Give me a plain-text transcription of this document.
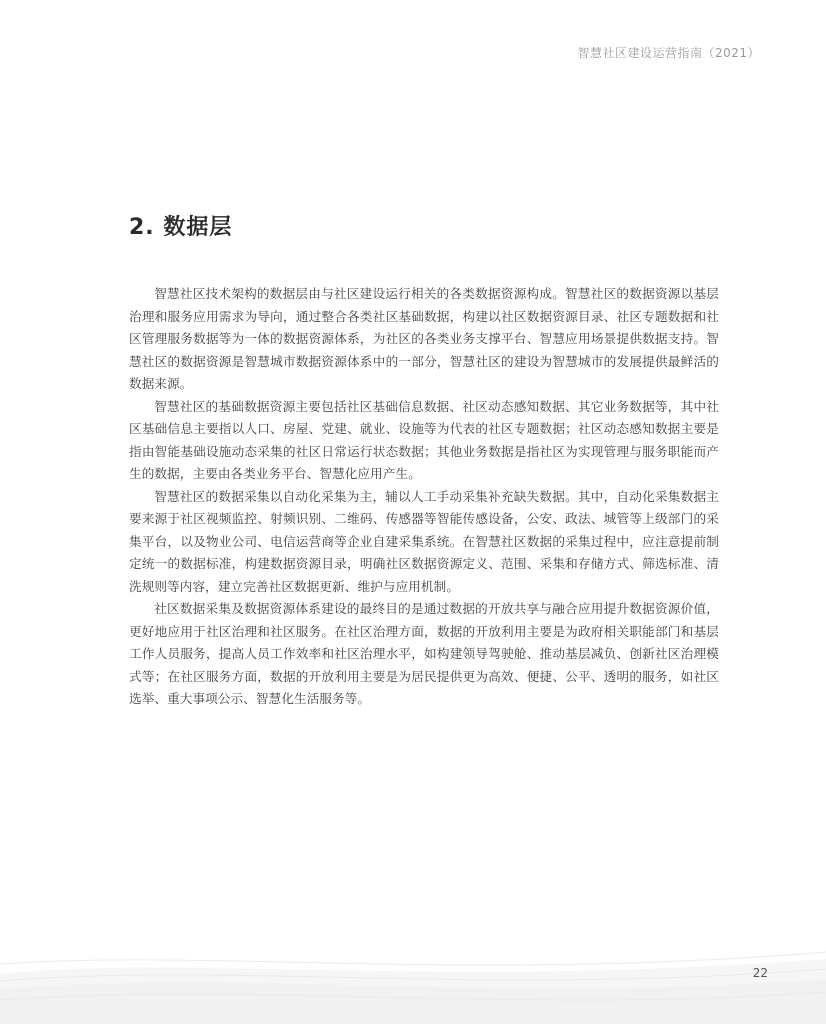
智慧社区建设运营指南（2021）
2. 数据层

智慧社区技术架构的数据层由与社区建设运行相关的各类数据资源构成。智慧社区的数据资源以基层治理和服务应用需求为导向，通过整合各类社区基础数据，构建以社区数据资源目录、社区专题数据和社区管理服务数据等为一体的数据资源体系，为社区的各类业务支撑平台、智慧应用场景提供数据支持。智慧社区的数据资源是智慧城市数据资源体系中的一部分，智慧社区的建设为智慧城市的发展提供最鲜活的数据来源。

智慧社区的基础数据资源主要包括社区基础信息数据、社区动态感知数据、其它业务数据等，其中社区基础信息主要指以人口、房屋、党建、就业、设施等为代表的社区专题数据；社区动态感知数据主要是指由智能基础设施动态采集的社区日常运行状态数据；其他业务数据是指社区为实现管理与服务职能而产生的数据，主要由各类业务平台、智慧化应用产生。

智慧社区的数据采集以自动化采集为主，辅以人工手动采集补充缺失数据。其中，自动化采集数据主要来源于社区视频监控、射频识别、二维码、传感器等智能传感设备，公安、政法、城管等上级部门的采集平台，以及物业公司、电信运营商等企业自建采集系统。在智慧社区数据的采集过程中，应注意提前制定统一的数据标准，构建数据资源目录，明确社区数据资源定义、范围、采集和存储方式、筛选标准、清洗规则等内容，建立完善社区数据更新、维护与应用机制。

社区数据采集及数据资源体系建设的最终目的是通过数据的开放共享与融合应用提升数据资源价值，更好地应用于社区治理和社区服务。在社区治理方面，数据的开放利用主要是为政府相关职能部门和基层工作人员服务，提高人员工作效率和社区治理水平，如构建领导驾驶舱、推动基层减负、创新社区治理模式等；在社区服务方面，数据的开放利用主要是为居民提供更为高效、便捷、公平、透明的服务，如社区选举、重大事项公示、智慧化生活服务等。

22
